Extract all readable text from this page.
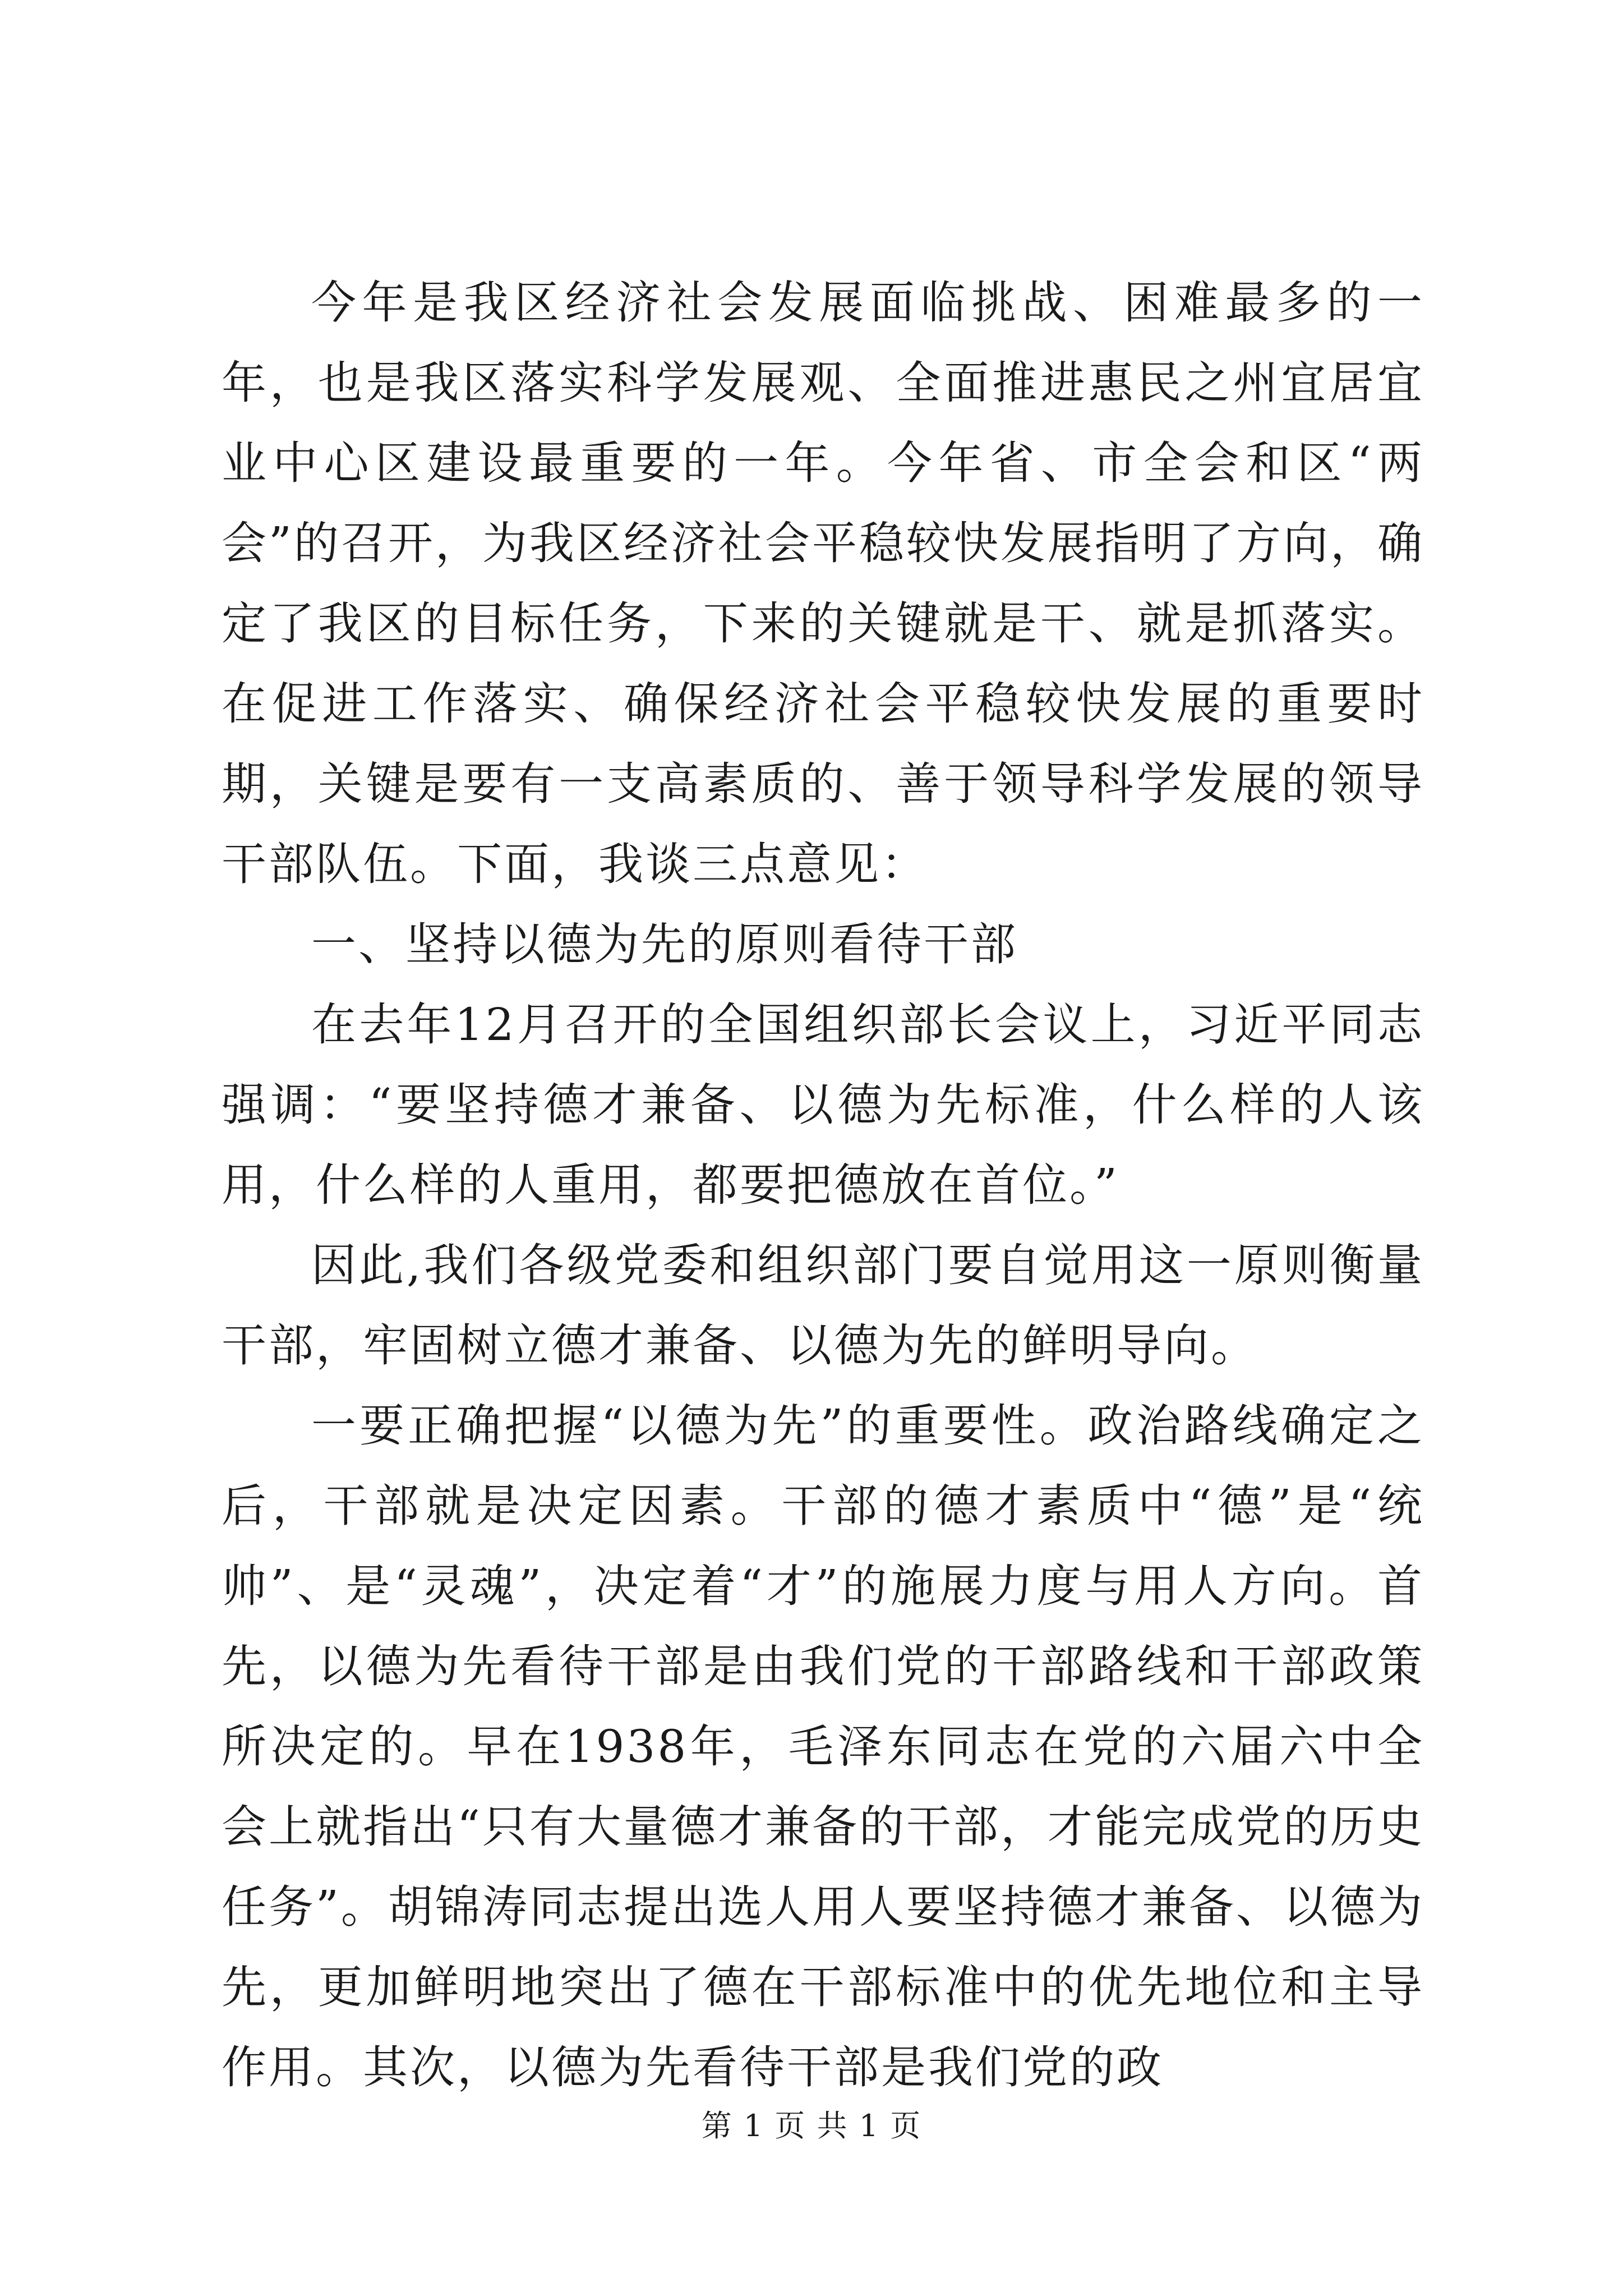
今年是我区经济社会发展面临挑战、困难最多的一年，也是我区落实科学发展观、全面推进惠民之州宜居宜业中心区建设最重要的一年。今年省、市全会和区“两会”的召开，为我区经济社会平稳较快发展指明了方向，确定了我区的目标任务，下来的关键就是干、就是抓落实。在促进工作落实、确保经济社会平稳较快发展的重要时期，关键是要有一支高素质的、善于领导科学发展的领导干部队伍。下面，我谈三点意见：

一、坚持以德为先的原则看待干部

在去年12月召开的全国组织部长会议上，习近平同志强调：“要坚持德才兼备、以德为先标准，什么样的人该用，什么样的人重用，都要把德放在首位。”

因此,我们各级党委和组织部门要自觉用这一原则衡量干部，牢固树立德才兼备、以德为先的鲜明导向。

一要正确把握“以德为先”的重要性。政治路线确定之后，干部就是决定因素。干部的德才素质中“德”是“统帅”、是“灵魂”，决定着“才”的施展力度与用人方向。首先，以德为先看待干部是由我们党的干部路线和干部政策所决定的。早在1938年，毛泽东同志在党的六届六中全会上就指出“只有大量德才兼备的干部，才能完成党的历史任务”。胡锦涛同志提出选人用人要坚持德才兼备、以德为先，更加鲜明地突出了德在干部标准中的优先地位和主导作用。其次，以德为先看待干部是我们党的政

第 1 页 共 1 页
